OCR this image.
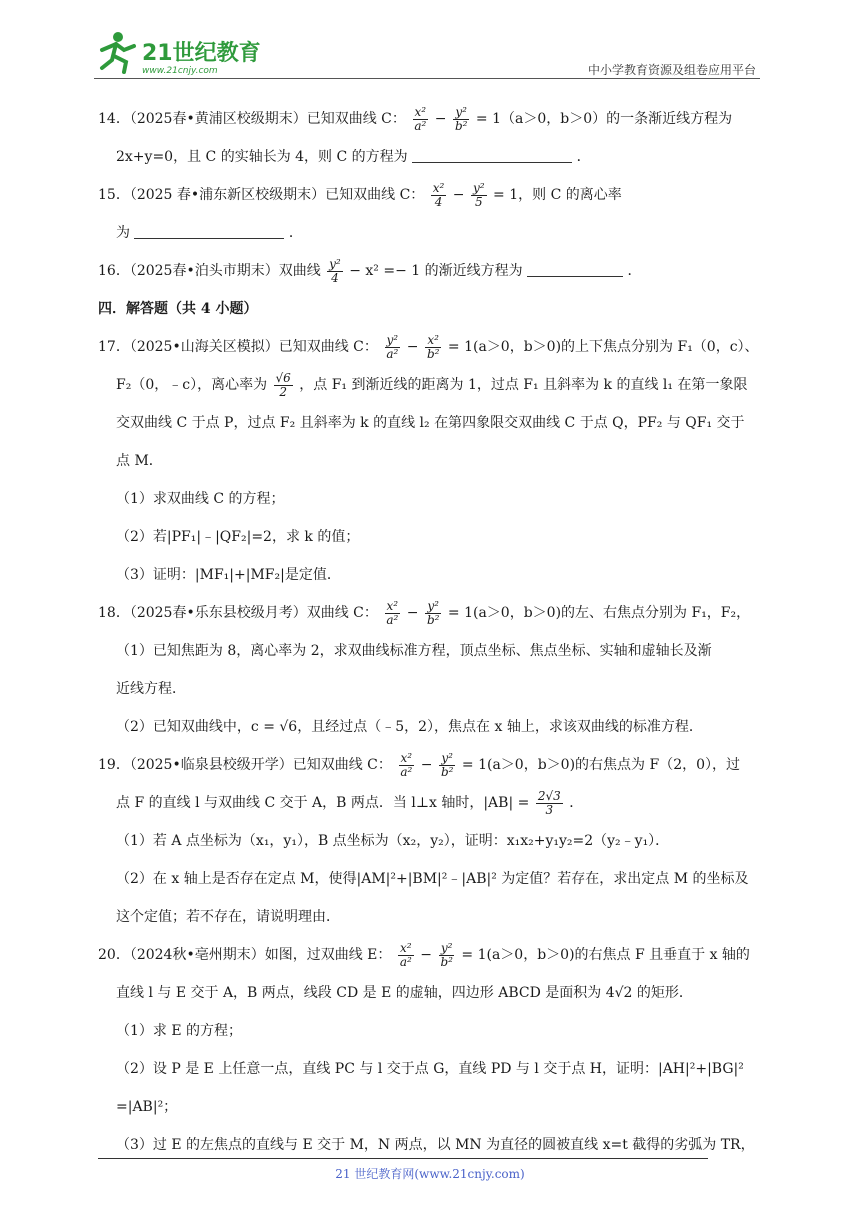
21世纪教育
www.21cnjy.com	中小学教育资源及组卷应用平台

14．（2025春•黄浦区校级期末）已知双曲线 C： $\frac{\text{x²}}{\text{a²}} - \frac{\text{y²}}{\text{b²}} = 1(a>0$，b＞0）的一条渐近线方程为

2x+y=0，且 C 的实轴长为 4，则 C 的方程为	．

15．（2025 春•浦东新区校级期末）已知双曲线 C： $\frac{\text{x²}}{4} - \frac{\text{y²}}{5} = 1$，则 C 的离心率

为	．

16．（2025春•泊头市期末）双曲线 $\frac{\text{y²}}{4} - x^2 =- 1$ 的渐近线方程为	．

四．解答题（共 4 小题）

17．（2025•山海关区模拟）已知双曲线 C： $\frac{\text{y²}}{\text{a²}} - \frac{\text{x²}}{\text{b²}} = 1(a>0$，b＞0)的上下焦点分别为 F₁（0，c）、

F₂（0，﹣c），离心率为 $\frac{√6}{2}$ ，点 F₁ 到渐近线的距离为 1，过点 F₁ 且斜率为 k 的直线 l₁ 在第一象限

交双曲线 C 于点 P，过点 F₂ 且斜率为 k 的直线 l₂ 在第四象限交双曲线 C 于点 Q，PF₂ 与 QF₁ 交于

点 M．

（1）求双曲线 C 的方程；

（2）若|PF₁|﹣|QF₂|=2，求 k 的值；

（3）证明：|MF₁|+|MF₂|是定值．

18．（2025春•乐东县校级月考）双曲线 C： $\frac{\text{x²}}{\text{a²}} - \frac{\text{y²}}{\text{b²}} = 1(a>0$，b＞0)的左、右焦点分别为 F₁，F₂，

（1）已知焦距为 8，离心率为 2，求双曲线标准方程，顶点坐标、焦点坐标、实轴和虚轴长及渐

近线方程．

（2）已知双曲线中，c = √6，且经过点（﹣5，2），焦点在 x 轴上，求该双曲线的标准方程．

19．（2025•临泉县校级开学）已知双曲线 C： $\frac{\text{x²}}{\text{a²}} - \frac{\text{y²}}{\text{b²}} = 1(a>0$，b＞0)的右焦点为 F（2，0），过

点 F 的直线 l 与双曲线 C 交于 A，B 两点．当 l⊥x 轴时，$|AB| = \frac{2√3}{3}$ ．

（1）若 A 点坐标为（x₁，y₁），B 点坐标为（x₂，y₂），证明：x₁x₂+y₁y₂=2（y₂﹣y₁）．

（2）在 x 轴上是否存在定点 M，使得|AM|²+|BM|²﹣|AB|² 为定值？若存在，求出定点 M 的坐标及

这个定值；若不存在，请说明理由．

20．（2024秋•亳州期末）如图，过双曲线 E： $\frac{\text{x²}}{\text{a²}} - \frac{\text{y²}}{\text{b²}} = 1(a>0$，b＞0)的右焦点 F 且垂直于 x 轴的

直线 l 与 E 交于 A，B 两点，线段 CD 是 E 的虚轴，四边形 ABCD 是面积为 4√2 的矩形．

（1）求 E 的方程；

（2）设 P 是 E 上任意一点，直线 PC 与 l 交于点 G，直线 PD 与 l 交于点 H，证明：|AH|²+|BG|²

=|AB|²；

（3）过 E 的左焦点的直线与 E 交于 M，N 两点，以 MN 为直径的圆被直线 x=t 截得的劣弧为 TR，

21 世纪教育网(www.21cnjy.com)
